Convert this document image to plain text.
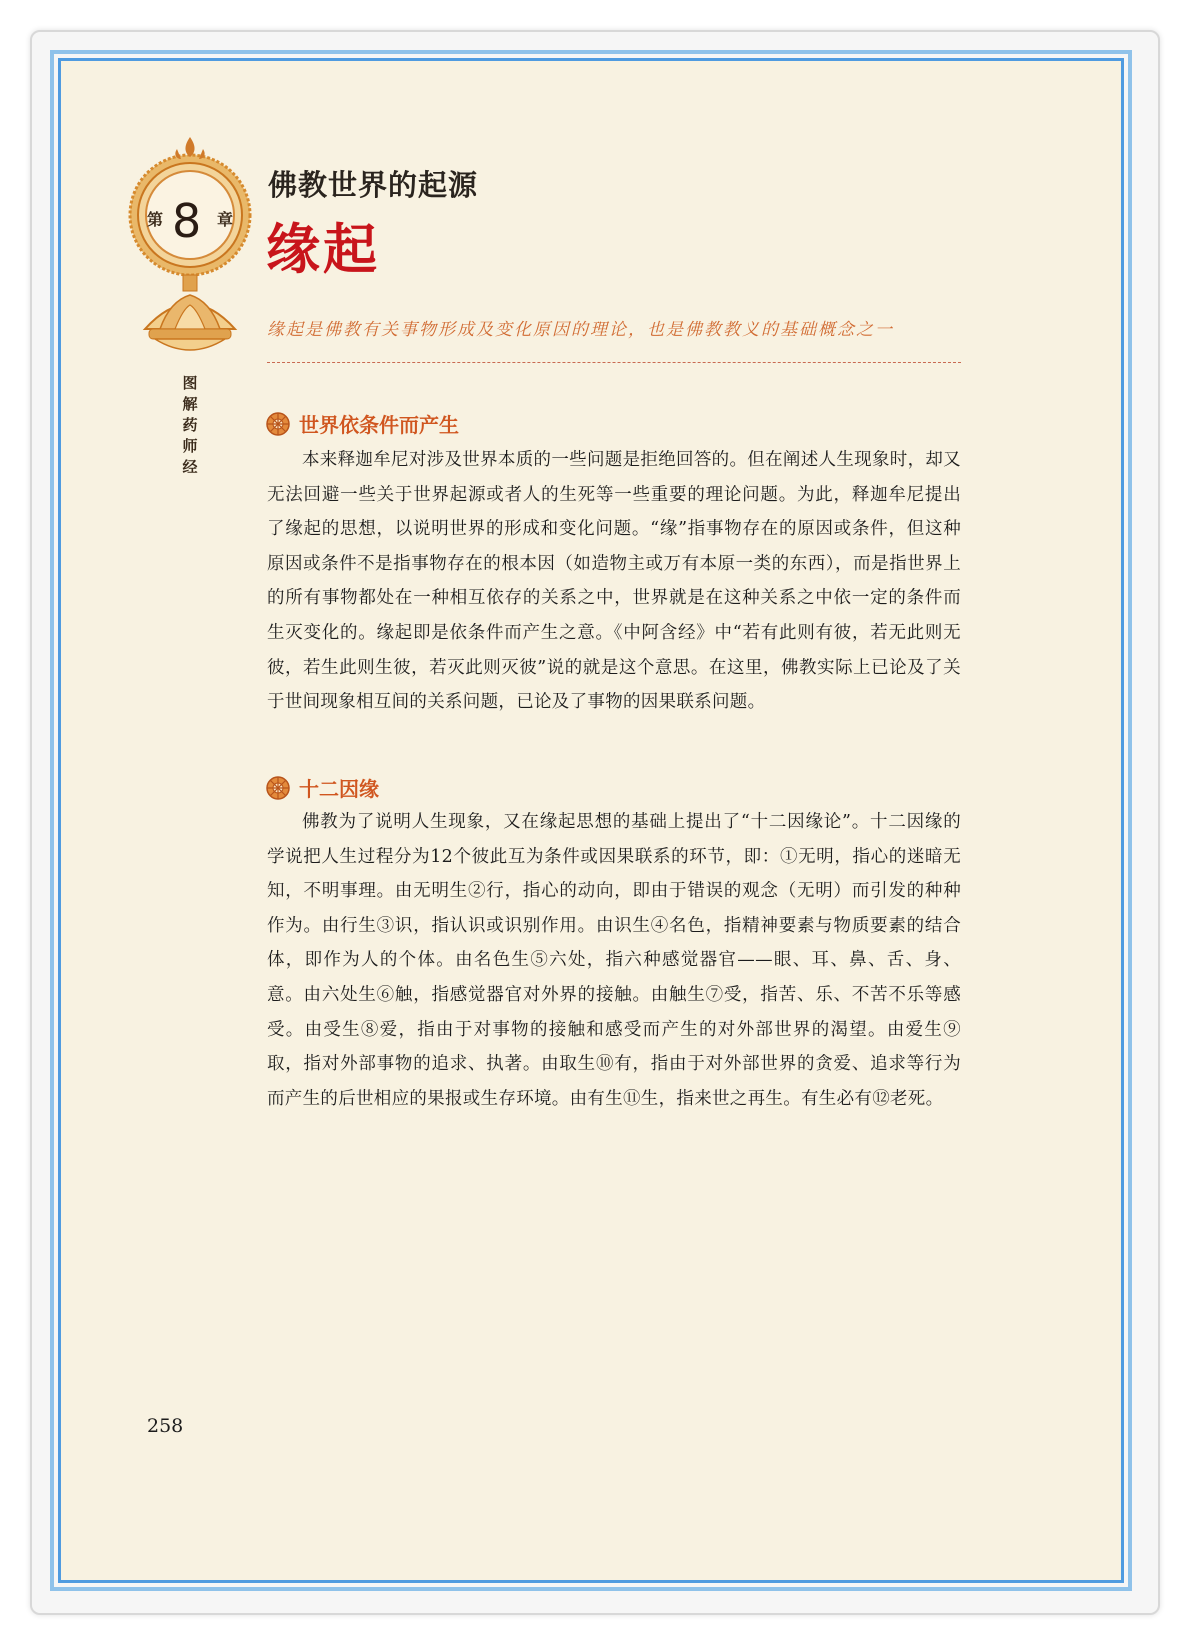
第 8 章
图解药师经
佛教世界的起源
缘起
缘起是佛教有关事物形成及变化原因的理论，也是佛教教义的基础概念之一
世界依条件而产生

本来释迦牟尼对涉及世界本质的一些问题是拒绝回答的。但在阐述人生现象时，却又无法回避一些关于世界起源或者人的生死等一些重要的理论问题。为此，释迦牟尼提出了缘起的思想，以说明世界的形成和变化问题。“缘”指事物存在的原因或条件，但这种原因或条件不是指事物存在的根本因（如造物主或万有本原一类的东西），而是指世界上的所有事物都处在一种相互依存的关系之中，世界就是在这种关系之中依一定的条件而生灭变化的。缘起即是依条件而产生之意。《中阿含经》中“若有此则有彼，若无此则无彼，若生此则生彼，若灭此则灭彼”说的就是这个意思。在这里，佛教实际上已论及了关于世间现象相互间的关系问题，已论及了事物的因果联系问题。

十二因缘

佛教为了说明人生现象，又在缘起思想的基础上提出了“十二因缘论”。十二因缘的学说把人生过程分为12个彼此互为条件或因果联系的环节，即：①无明，指心的迷暗无知，不明事理。由无明生②行，指心的动向，即由于错误的观念（无明）而引发的种种作为。由行生③识，指认识或识别作用。由识生④名色，指精神要素与物质要素的结合体，即作为人的个体。由名色生⑤六处，指六种感觉器官——眼、耳、鼻、舌、身、意。由六处生⑥触，指感觉器官对外界的接触。由触生⑦受，指苦、乐、不苦不乐等感受。由受生⑧爱，指由于对事物的接触和感受而产生的对外部世界的渴望。由爱生⑨取，指对外部事物的追求、执著。由取生⑩有，指由于对外部世界的贪爱、追求等行为而产生的后世相应的果报或生存环境。由有生⑪生，指来世之再生。有生必有⑫老死。

258
